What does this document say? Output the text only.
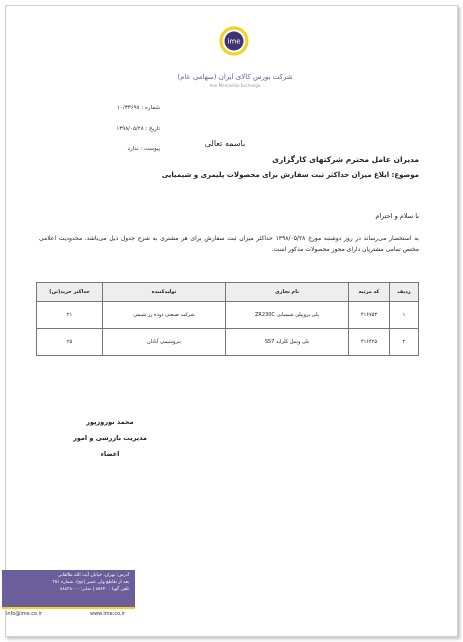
ime
شرکت بورس کالای ایران (سهامی عام)
Iran Mercantile Exchange
شماره : ۱۰/۳۳۶۹۷
تاریخ : ۱۳۹۸/۰۵/۲۸
پیوست : ندارد
باسمه تعالی
مدیران عامل محترم شرکتهای کارگزاری
موضوع: ابلاغ میزان حداکثر ثبت سفارش برای محصولات پلیمری و شیمیایی
با سلام و احترام
به استحضار می‌رساند در روز دوشنبه مورخ ۱۳۹۸/۰۵/۲۸ حداکثر میزان ثبت سفارش برای هر مشتری به شرح جدول ذیل می‌باشد. محدودیت اعلامی مختص تمامی مشتریان دارای مجوز محصولات مذکور است.
ردیف	کد مرتبه	نام تجاری	تولیدکننده	حداکثر خرید(تن)
۱	۴۱۶۷۵۳	پلی پروپیلن شیمیایی ZR230C	شرکت صنعتی دوده رز شیمی	۲۱
۲	۴۱۶۴۲۵	پلی وینیل کلراید S57	پتروشیمی آبادان	۲۵
محمد نوروزپور
مدیریت بازرسی و امور
اعضاء
آدرس: تهران، خیابان آیت الله طالقانی
بعد از تقاطع ولی عصر (عج)، شماره ۳۵۱
تلفن گویا : ۸۵۶۴۰ | نمابر: ۸۸۸۳۸۰۰۰
info@ime.co.ir	www.ime.co.ir
